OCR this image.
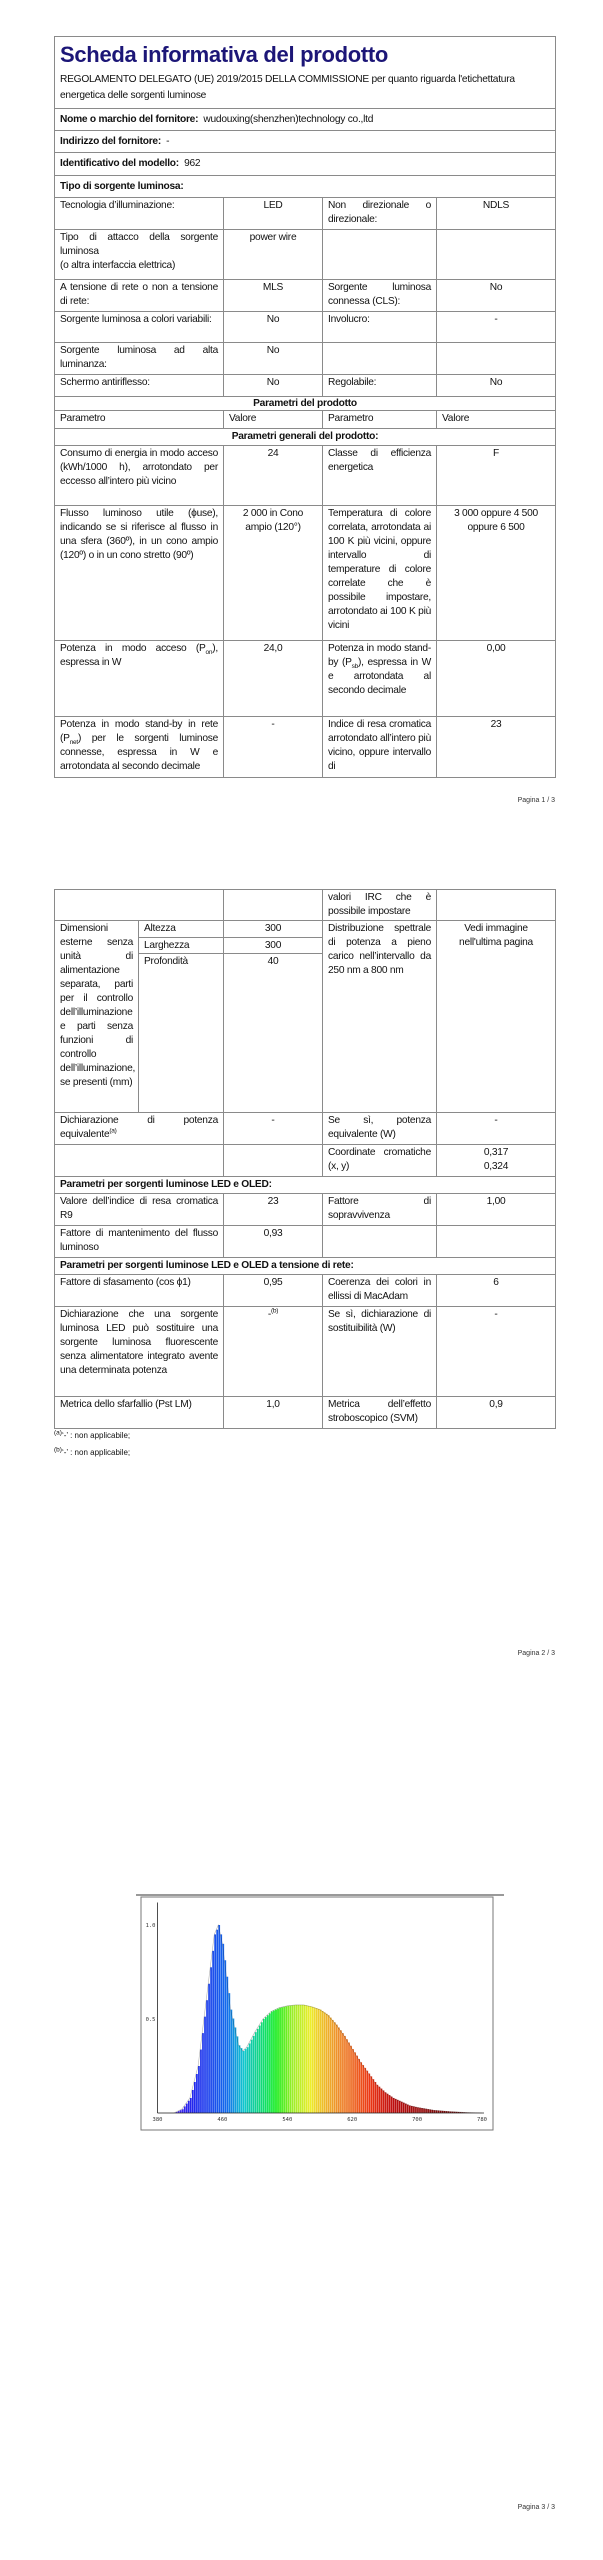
Scheda informativa del prodotto
REGOLAMENTO DELEGATO (UE) 2019/2015 DELLA COMMISSIONE per quanto riguarda l'etichettatura energetica delle sorgenti luminose			

Nome o marchio del fornitore: wudouxing(shenzhen)technology co.,ltd			
Indirizzo del fornitore: -			
Identificativo del modello: 962			
Tipo di sorgente luminosa:			
Tecnologia d’illuminazione:	LED	Non direzionale o direzionale:	NDLS
Tipo di attacco della sorgente luminosa
(o altra interfaccia elettrica)	power wire		
A tensione di rete o non a tensione di rete:	MLS	Sorgente luminosa connessa (CLS):	No
Sorgente luminosa a colori variabili:	No	Involucro:	-
Sorgente luminosa ad alta luminanza:	No		
Schermo antiriflesso:	No	Regolabile:	No
Parametri del prodotto			
Parametro	Valore	Parametro	Valore
Parametri generali del prodotto:			
Consumo di energia in modo acceso (kWh/1000 h), arrotondato per eccesso all’intero più vicino	24	Classe di efficienza energetica	F
Flusso luminoso utile (ϕuse), indicando se si riferisce al flusso in una sfera (360º), in un cono ampio (120º) o in un cono stretto (90º)	2 000 in Cono ampio (120°)	Temperatura di colore correlata, arrotondata ai 100 K più vicini, oppure intervallo di temperature di colore correlate che è possibile impostare, arrotondato ai 100 K più vicini	3 000 oppure 4 500 oppure 6 500
Potenza in modo acceso $(P_{on})$, espressa in W	24,0	Potenza in modo stand-by $(P_{sb})$, espressa in W e arrotondata al secondo decimale	0,00
Potenza in modo stand-by in rete $(P_{net})$ per le sorgenti luminose connesse, espressa in W e arrotondata al secondo decimale	-	Indice di resa cromatica arrotondato all’intero più vicino, oppure intervallo di	23
			valori IRC che è possibile impostare	
Dimensioni esterne senza unità di alimentazione separata, parti per il controllo dell’illuminazione e parti senza funzioni di controllo dell’illuminazione, se presenti (mm)	Altezza	300	Distribuzione spettrale di potenza a pieno carico nell’intervallo da 250 nm a 800 nm	Vedi immagine nell'ultima pagina
	Larghezza	300		
	Profondità	40		
Dichiarazione di potenza equivalente$^{(a)}$		-	Se sì, potenza equivalente (W)	-
			Coordinate cromatiche (x, y)	0,317
0,324
Parametri per sorgenti luminose LED e OLED:				
Valore dell’indice di resa cromatica R9		23	Fattore di sopravvivenza	1,00
Fattore di mantenimento del flusso luminoso		0,93		
Parametri per sorgenti luminose LED e OLED a tensione di rete:				
Fattore di sfasamento (cos ϕ1)		0,95	Coerenza dei colori in ellissi di MacAdam	6
Dichiarazione che una sorgente luminosa LED può sostituire una sorgente luminosa fluorescente senza alimentatore integrato avente una determinata potenza		-$^{(b)}$	Se sì, dichiarazione di sostituibilità (W)	-
Metrica dello sfarfallio (Pst LM)		1,0	Metrica dell’effetto stroboscopico (SVM)	0,9
Pagina 1 / 3
Pagina 2 / 3
Pagina 3 / 3
$^{(a)}$‘-’ : non applicabile;
$^{(b)}$‘-’ : non applicabile;
380	460	540	620	700	780
0.5
1.0
